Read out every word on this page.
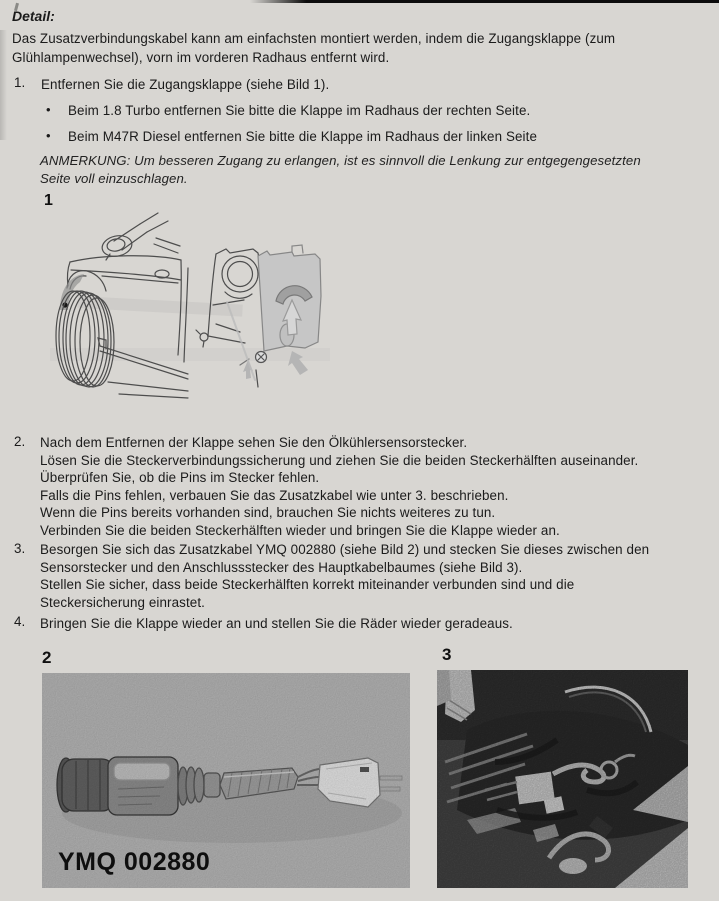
Detail:
Das Zusatzverbindungskabel kann am einfachsten montiert werden, indem die Zugangsklappe (zum
Glühlampenwechsel), vorn im vorderen Radhaus entfernt wird.
1. Entfernen Sie die Zugangsklappe (siehe Bild 1).
• Beim 1.8 Turbo entfernen Sie bitte die Klappe im Radhaus der rechten Seite.
• Beim M47R Diesel entfernen Sie bitte die Klappe im Radhaus der linken Seite
ANMERKUNG: Um besseren Zugang zu erlangen, ist es sinnvoll die Lenkung zur entgegengesetzten
Seite voll einzuschlagen.
1
2. Nach dem Entfernen der Klappe sehen Sie den Ölkühlersensorstecker.
Lösen Sie die Steckerverbindungssicherung und ziehen Sie die beiden Steckerhälften auseinander.
Überprüfen Sie, ob die Pins im Stecker fehlen.
Falls die Pins fehlen, verbauen Sie das Zusatzkabel wie unter 3. beschrieben.
Wenn die Pins bereits vorhanden sind, brauchen Sie nichts weiteres zu tun.
Verbinden Sie die beiden Steckerhälften wieder und bringen Sie die Klappe wieder an.
3. Besorgen Sie sich das Zusatzkabel YMQ 002880 (siehe Bild 2) und stecken Sie dieses zwischen den
Sensorstecker und den Anschlussstecker des Hauptkabelbaumes (siehe Bild 3).
Stellen Sie sicher, dass beide Steckerhälften korrekt miteinander verbunden sind und die
Steckersicherung einrastet.
4. Bringen Sie die Klappe wieder an und stellen Sie die Räder wieder geradeaus.
2
YMQ 002880
3
